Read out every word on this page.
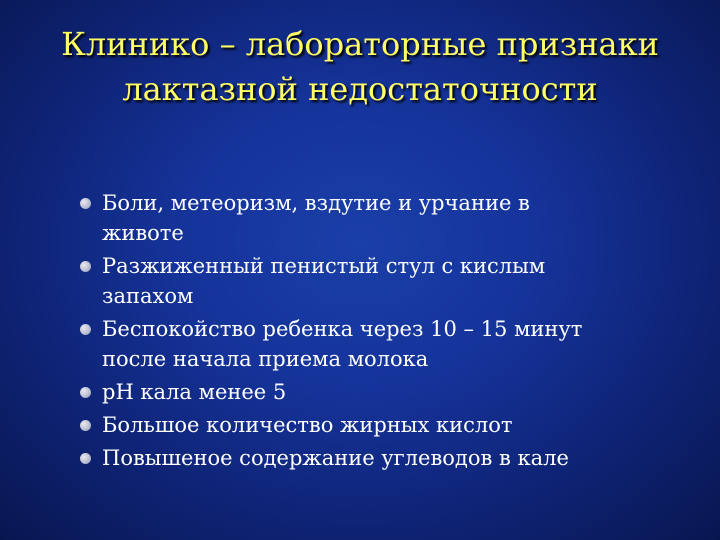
Клинико – лабораторные признаки
лактазной недостаточности
Боли, метеоризм, вздутие и урчание в
животе
Разжиженный пенистый стул с кислым
запахом
Беспокойство ребенка через 10 – 15 минут
после начала приема молока
рН кала менее 5
Большое количество жирных кислот
Повышеное содержание углеводов в кале
